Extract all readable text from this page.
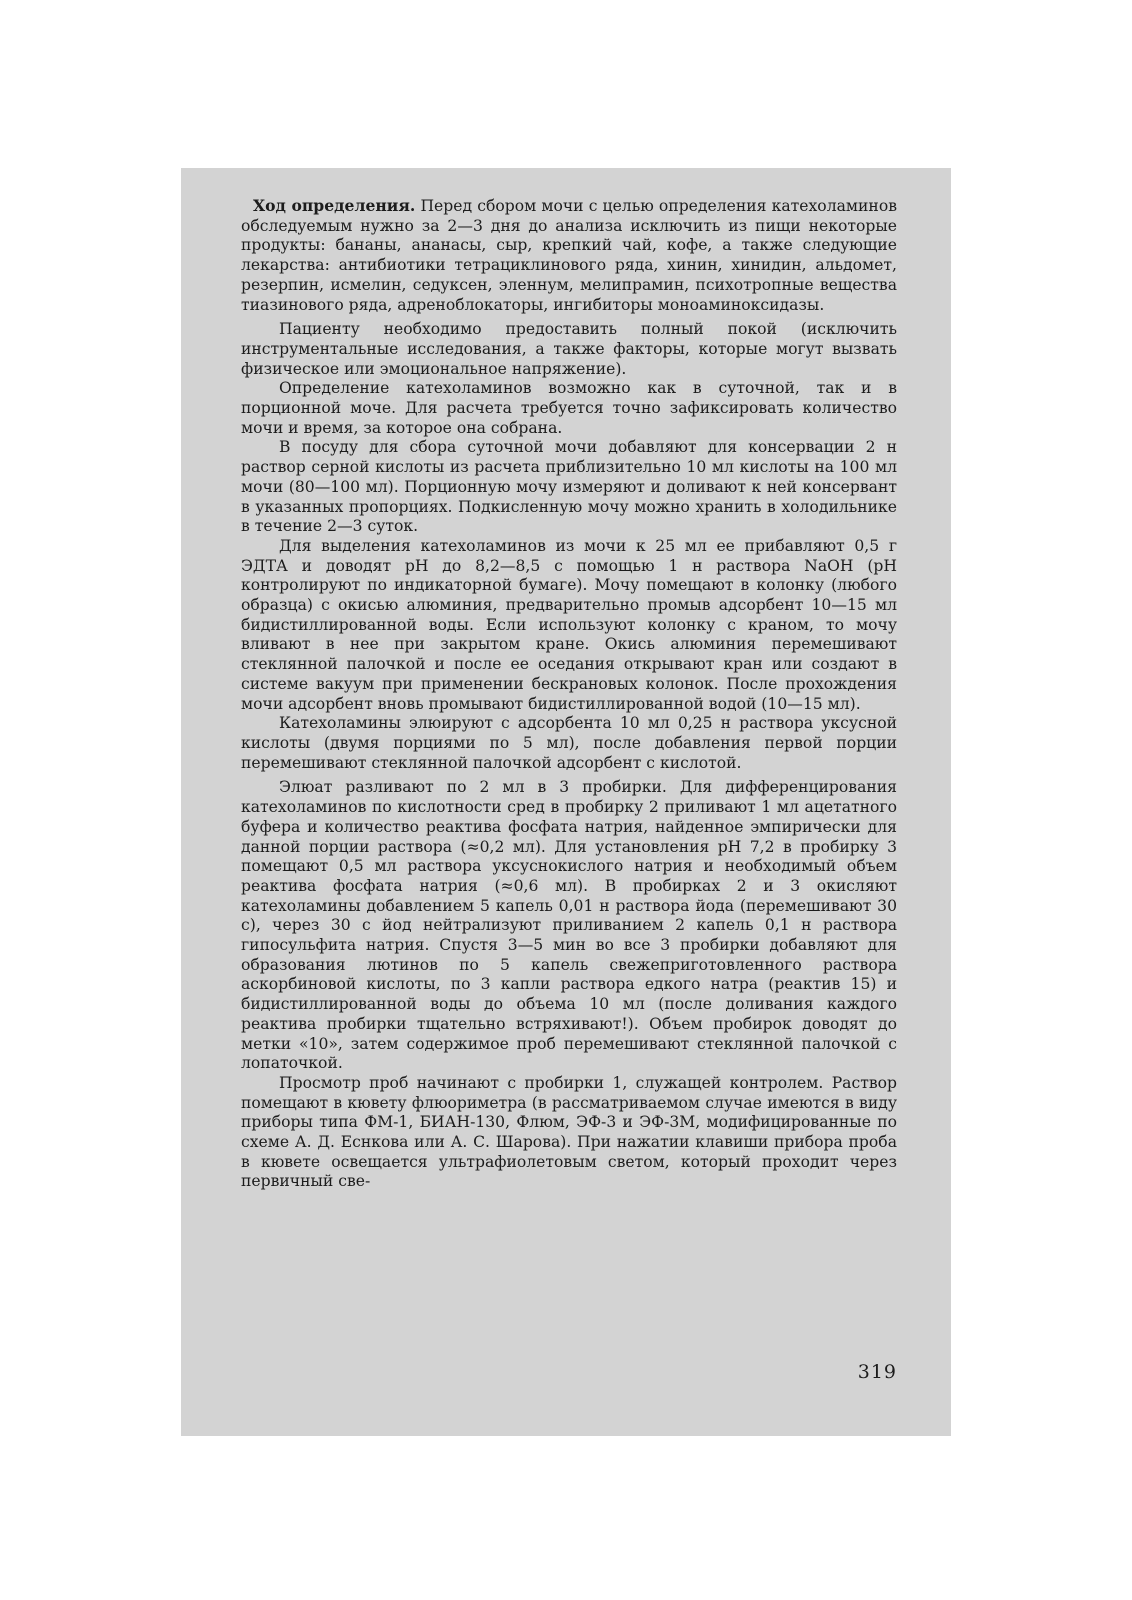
Ход определения. Перед сбором мочи с целью определения катехоламинов обследуемым нужно за 2—3 дня до анализа исключить из пищи некоторые продукты: бананы, ананасы, сыр, крепкий чай, кофе, а также следующие лекарства: антибиотики тетрациклинового ряда, хинин, хинидин, альдомет, резерпин, исмелин, седуксен, эленнум, мелипрамин, психотропные вещества тиазинового ряда, адреноблокаторы, ингибиторы моноаминоксидазы.

Пациенту необходимо предоставить полный покой (исключить инструментальные исследования, а также факторы, которые могут вызвать физическое или эмоциональное напряжение).

Определение катехоламинов возможно как в суточной, так и в порционной моче. Для расчета требуется точно зафиксировать количество мочи и время, за которое она собрана.

В посуду для сбора суточной мочи добавляют для консервации 2 н раствор серной кислоты из расчета приблизительно 10 мл кислоты на 100 мл мочи (80—100 мл). Порционную мочу измеряют и доливают к ней консервант в указанных пропорциях. Подкисленную мочу можно хранить в холодильнике в течение 2—3 суток.

Для выделения катехоламинов из мочи к 25 мл ее прибавляют 0,5 г ЭДТА и доводят pH до 8,2—8,5 с помощью 1 н раствора NaOH (pH контролируют по индикаторной бумаге). Мочу помещают в колонку (любого образца) с окисью алюминия, предварительно промыв адсорбент 10—15 мл бидистиллированной воды. Если используют колонку с краном, то мочу вливают в нее при закрытом кране. Окись алюминия перемешивают стеклянной палочкой и после ее оседания открывают кран или создают в системе вакуум при применении бескрановых колонок. После прохождения мочи адсорбент вновь промывают бидистиллированной водой (10—15 мл).

Катехоламины элюируют с адсорбента 10 мл 0,25 н раствора уксусной кислоты (двумя порциями по 5 мл), после добавления первой порции перемешивают стеклянной палочкой адсорбент с кислотой.

Элюат разливают по 2 мл в 3 пробирки. Для дифференцирования катехоламинов по кислотности сред в пробирку 2 приливают 1 мл ацетатного буфера и количество реактива фосфата натрия, найденное эмпирически для данной порции раствора (≈0,2 мл). Для установления pH 7,2 в пробирку 3 помещают 0,5 мл раствора уксуснокислого натрия и необходимый объем реактива фосфата натрия (≈0,6 мл). В пробирках 2 и 3 окисляют катехоламины добавлением 5 капель 0,01 н раствора йода (перемешивают 30 с), через 30 с йод нейтрализуют приливанием 2 капель 0,1 н раствора гипосульфита натрия. Спустя 3—5 мин во все 3 пробирки добавляют для образования лютинов по 5 капель свежеприготовленного раствора аскорбиновой кислоты, по 3 капли раствора едкого натра (реактив 15) и бидистиллированной воды до объема 10 мл (после доливания каждого реактива пробирки тщательно встряхивают!). Объем пробирок доводят до метки «10», затем содержимое проб перемешивают стеклянной палочкой с лопаточкой.

Просмотр проб начинают с пробирки 1, служащей контролем. Раствор помещают в кювету флюориметра (в рассматриваемом случае имеются в виду приборы типа ФМ-1, БИАН-130, Флюм, ЭФ-3 и ЭФ-3М, модифицированные по схеме А. Д. Еснкова или А. С. Шарова). При нажатии клавиши прибора проба в кювете освещается ультрафиолетовым светом, который проходит через первичный све-

319
